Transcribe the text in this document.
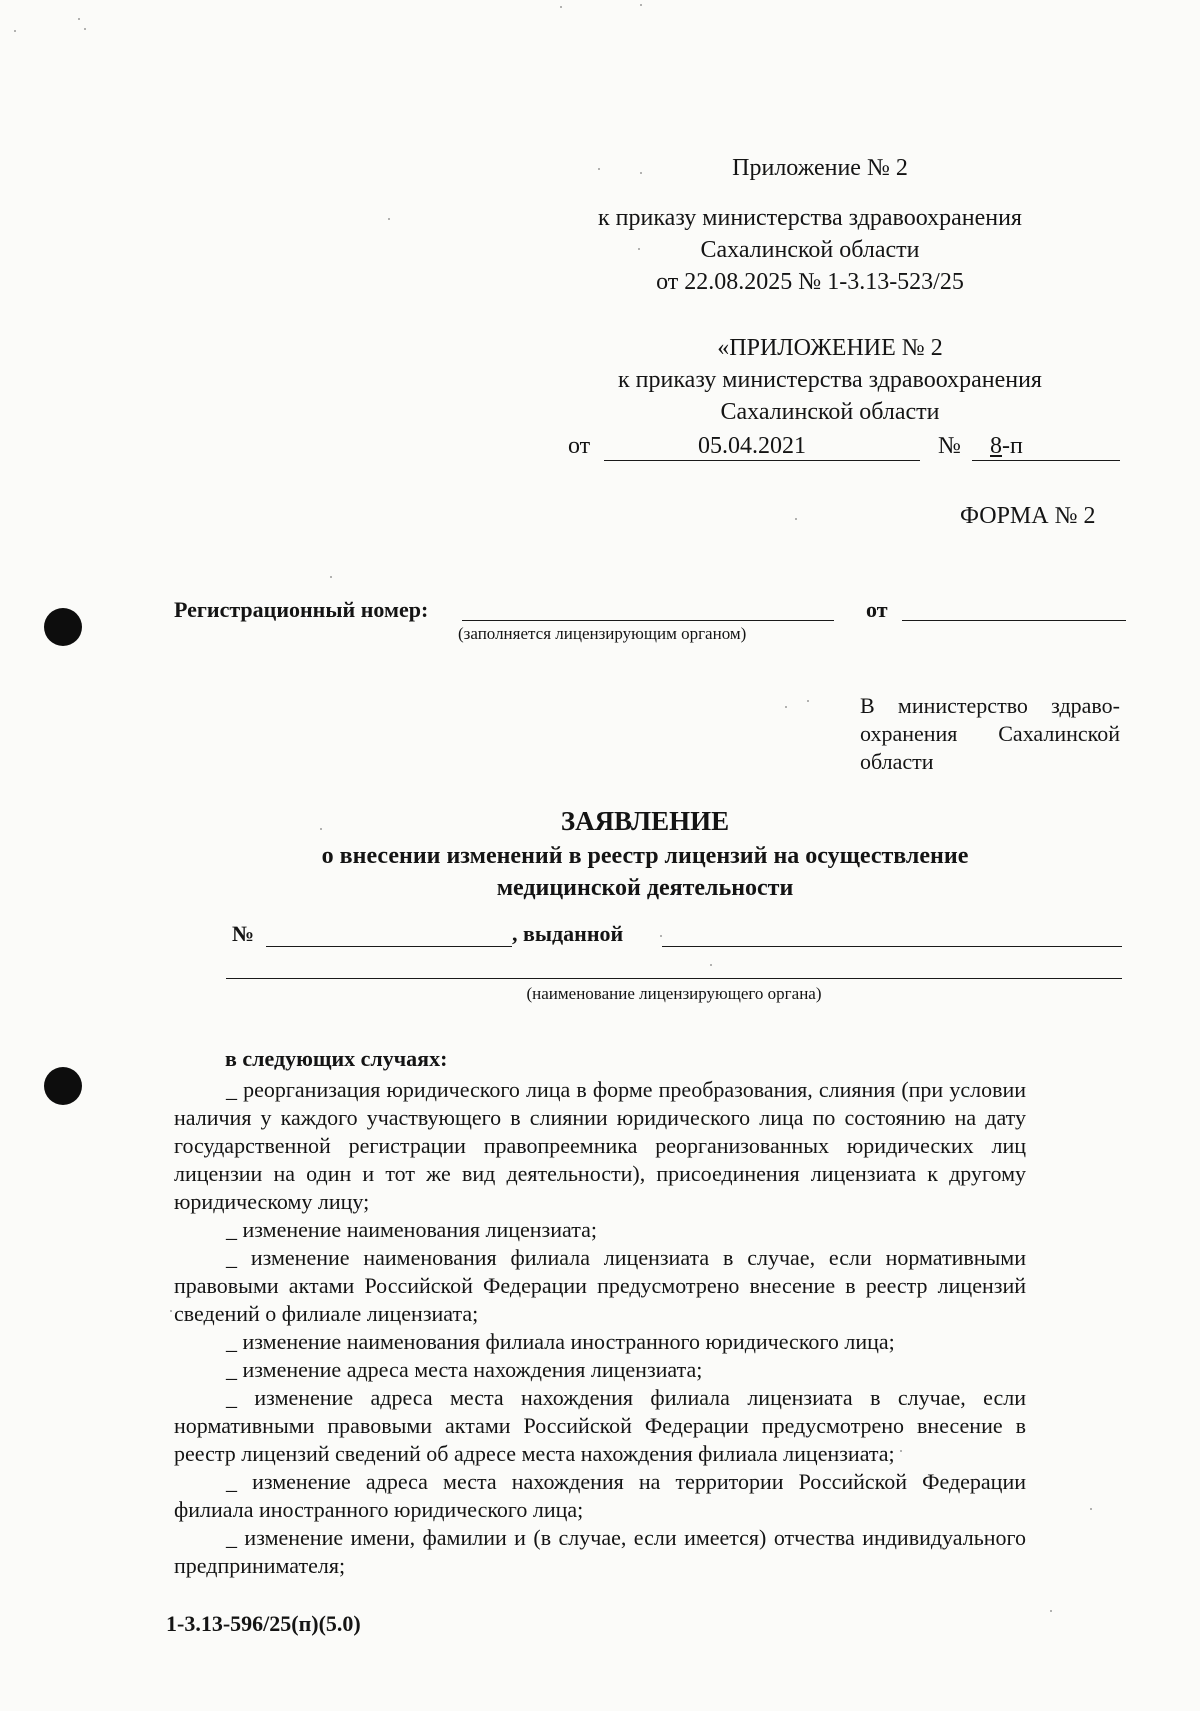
Приложение № 2
к приказу министерства здравоохранения
Сахалинской области
от 22.08.2025 № 1-3.13-523/25
«ПРИЛОЖЕНИЕ № 2
к приказу министерства здравоохранения
Сахалинской области
от	05.04.2021	№ 8-п
ФОРМА № 2
Регистрационный номер:
(заполняется лицензирующим органом)
от
В министерство здраво-
охранения Сахалинской
области
ЗАЯВЛЕНИЕ
о внесении изменений в реестр лицензий на осуществление
медицинской деятельности
№	, выданной
(наименование лицензирующего органа)
в следующих случаях:

_ реорганизация юридического лица в форме преобразования, слияния (при условии наличия у каждого участвующего в слиянии юридического лица по состоянию на дату государственной регистрации правопреемника реорганизованных юридических лиц лицензии на один и тот же вид деятельности), присоединения лицензиата к другому юридическому лицу;

_ изменение наименования лицензиата;

_ изменение наименования филиала лицензиата в случае, если нормативными правовыми актами Российской Федерации предусмотрено внесение в реестр лицензий сведений о филиале лицензиата;

_ изменение наименования филиала иностранного юридического лица;

_ изменение адреса места нахождения лицензиата;

_ изменение адреса места нахождения филиала лицензиата в случае, если нормативными правовыми актами Российской Федерации предусмотрено внесение в реестр лицензий сведений об адресе места нахождения филиала лицензиата;

_ изменение адреса места нахождения на территории Российской Федерации филиала иностранного юридического лица;

_ изменение имени, фамилии и (в случае, если имеется) отчества индивидуального предпринимателя;

1-3.13-596/25(п)(5.0)
